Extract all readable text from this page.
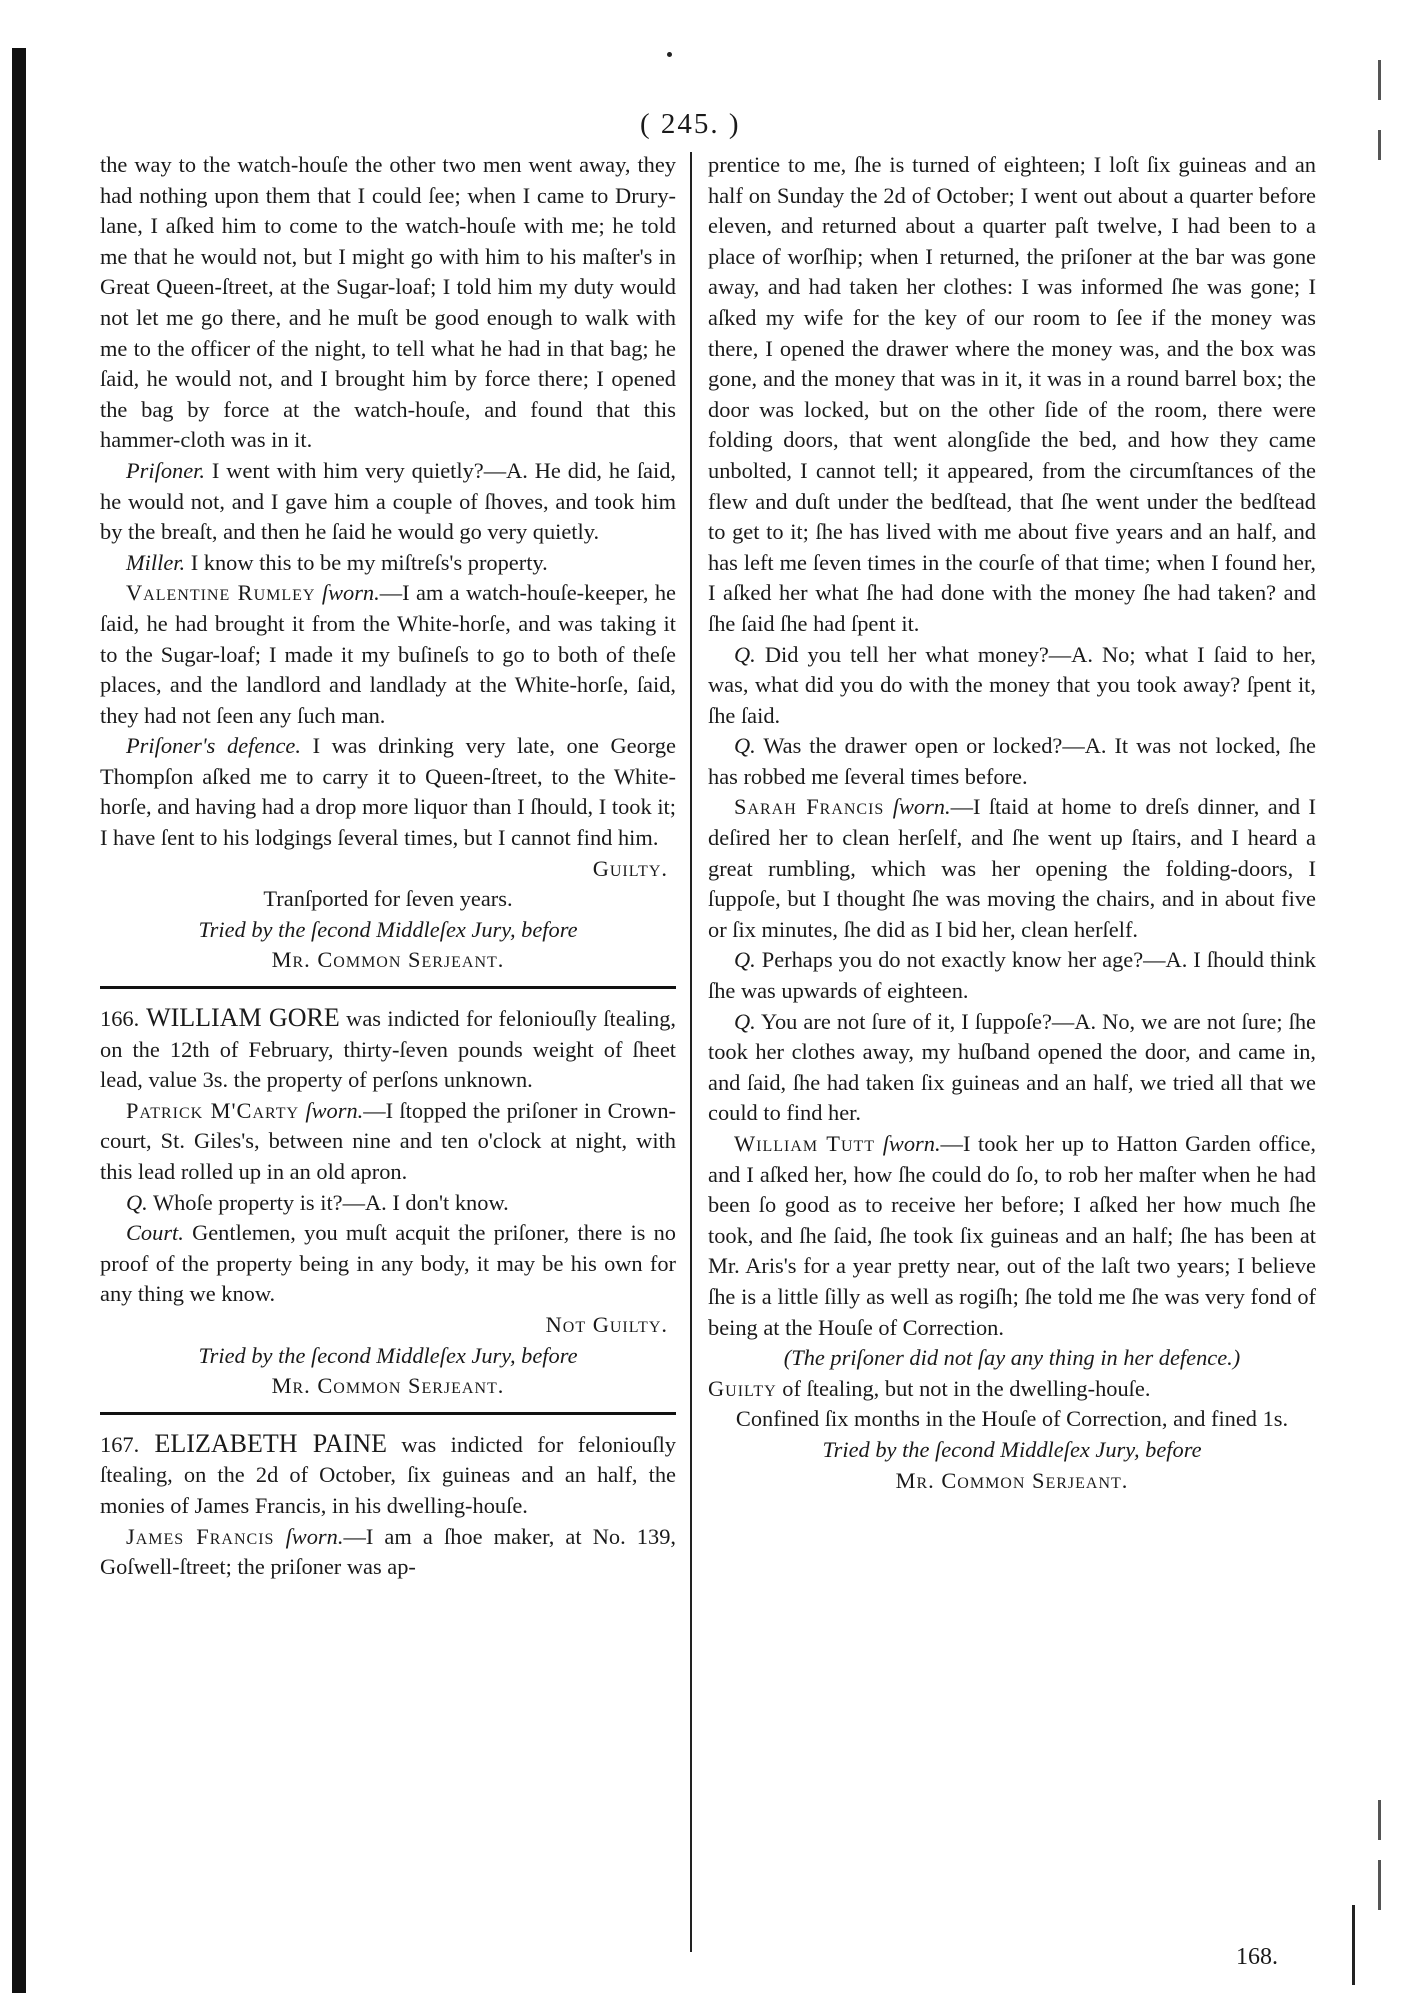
( 245. )

the way to the watch-houſe the other two men went away, they had nothing upon them that I could ſee; when I came to Drury-lane, I aſked him to come to the watch-houſe with me; he told me that he would not, but I might go with him to his maſter's in Great Queen-ſtreet, at the Sugar-loaf; I told him my duty would not let me go there, and he muſt be good enough to walk with me to the officer of the night, to tell what he had in that bag; he ſaid, he would not, and I brought him by force there; I opened the bag by force at the watch-houſe, and found that this hammer-cloth was in it.

Priſoner. I went with him very quietly?—A. He did, he ſaid, he would not, and I gave him a couple of ſhoves, and took him by the breaſt, and then he ſaid he would go very quietly.

Miller. I know this to be my miſtreſs's property.

Valentine Rumley ſworn.—I am a watch-houſe-keeper, he ſaid, he had brought it from the White-horſe, and was taking it to the Sugar-loaf; I made it my buſineſs to go to both of theſe places, and the landlord and landlady at the White-horſe, ſaid, they had not ſeen any ſuch man.

Priſoner's defence. I was drinking very late, one George Thompſon aſked me to carry it to Queen-ſtreet, to the White-horſe, and having had a drop more liquor than I ſhould, I took it; I have ſent to his lodgings ſeveral times, but I cannot find him.

Guilty.

Tranſported for ſeven years.

Tried by the ſecond Middleſex Jury, before

Mr. Common Serjeant.

166. WILLIAM GORE was indicted for feloniouſly ſtealing, on the 12th of February, thirty-ſeven pounds weight of ſheet lead, value 3s. the property of perſons unknown.

Patrick M'Carty ſworn.—I ſtopped the priſoner in Crown-court, St. Giles's, between nine and ten o'clock at night, with this lead rolled up in an old apron.

Q. Whoſe property is it?—A. I don't know.

Court. Gentlemen, you muſt acquit the priſoner, there is no proof of the property being in any body, it may be his own for any thing we know.

Not Guilty.

Tried by the ſecond Middleſex Jury, before

Mr. Common Serjeant.

167. ELIZABETH PAINE was indicted for feloniouſly ſtealing, on the 2d of October, ſix guineas and an half, the monies of James Francis, in his dwelling-houſe.

James Francis ſworn.—I am a ſhoe maker, at No. 139, Goſwell-ſtreet; the priſoner was ap-

prentice to me, ſhe is turned of eighteen; I loſt ſix guineas and an half on Sunday the 2d of October; I went out about a quarter before eleven, and returned about a quarter paſt twelve, I had been to a place of worſhip; when I returned, the priſoner at the bar was gone away, and had taken her clothes: I was informed ſhe was gone; I aſked my wife for the key of our room to ſee if the money was there, I opened the drawer where the money was, and the box was gone, and the money that was in it, it was in a round barrel box; the door was locked, but on the other ſide of the room, there were folding doors, that went alongſide the bed, and how they came unbolted, I cannot tell; it appeared, from the circumſtances of the flew and duſt under the bedſtead, that ſhe went under the bedſtead to get to it; ſhe has lived with me about five years and an half, and has left me ſeven times in the courſe of that time; when I found her, I aſked her what ſhe had done with the money ſhe had taken? and ſhe ſaid ſhe had ſpent it.

Q. Did you tell her what money?—A. No; what I ſaid to her, was, what did you do with the money that you took away? ſpent it, ſhe ſaid.

Q. Was the drawer open or locked?—A. It was not locked, ſhe has robbed me ſeveral times before.

Sarah Francis ſworn.—I ſtaid at home to dreſs dinner, and I deſired her to clean herſelf, and ſhe went up ſtairs, and I heard a great rumbling, which was her opening the folding-doors, I ſuppoſe, but I thought ſhe was moving the chairs, and in about five or ſix minutes, ſhe did as I bid her, clean herſelf.

Q. Perhaps you do not exactly know her age?—A. I ſhould think ſhe was upwards of eighteen.

Q. You are not ſure of it, I ſuppoſe?—A. No, we are not ſure; ſhe took her clothes away, my huſband opened the door, and came in, and ſaid, ſhe had taken ſix guineas and an half, we tried all that we could to find her.

William Tutt ſworn.—I took her up to Hatton Garden office, and I aſked her, how ſhe could do ſo, to rob her maſter when he had been ſo good as to receive her before; I aſked her how much ſhe took, and ſhe ſaid, ſhe took ſix guineas and an half; ſhe has been at Mr. Aris's for a year pretty near, out of the laſt two years; I believe ſhe is a little ſilly as well as rogiſh; ſhe told me ſhe was very fond of being at the Houſe of Correction.

(The priſoner did not ſay any thing in her defence.)

Guilty of ſtealing, but not in the dwelling-houſe.

Confined ſix months in the Houſe of Correction, and fined 1s.

Tried by the ſecond Middleſex Jury, before

Mr. Common Serjeant.

168.
